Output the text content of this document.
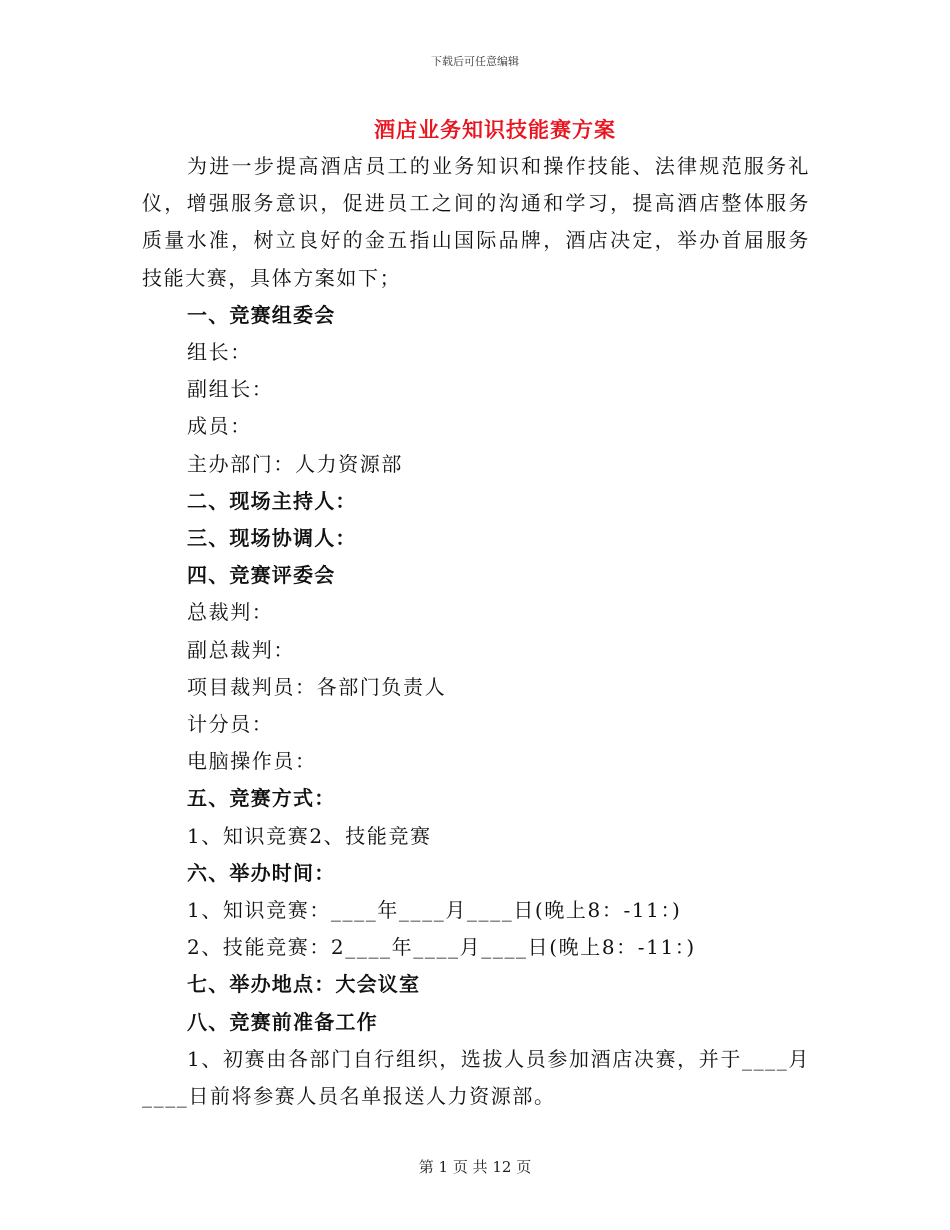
下载后可任意编辑
酒店业务知识技能赛方案

为进一步提高酒店员工的业务知识和操作技能、法律规范服务礼仪，增强服务意识，促进员工之间的沟通和学习，提高酒店整体服务质量水准，树立良好的金五指山国际品牌，酒店决定，举办首届服务技能大赛，具体方案如下；

一、竞赛组委会

组长：

副组长：

成员：

主办部门：人力资源部

二、现场主持人：

三、现场协调人：

四、竞赛评委会

总裁判：

副总裁判：

项目裁判员：各部门负责人

计分员：

电脑操作员：

五、竞赛方式：

1、知识竞赛2、技能竞赛

六、举办时间：

1、知识竞赛：____年____月____日(晚上8：-11：)

2、技能竞赛：2____年____月____日(晚上8：-11：)

七、举办地点：大会议室

八、竞赛前准备工作

1、初赛由各部门自行组织，选拔人员参加酒店决赛，并于____月____日前将参赛人员名单报送人力资源部。

第 1 页 共 12 页
